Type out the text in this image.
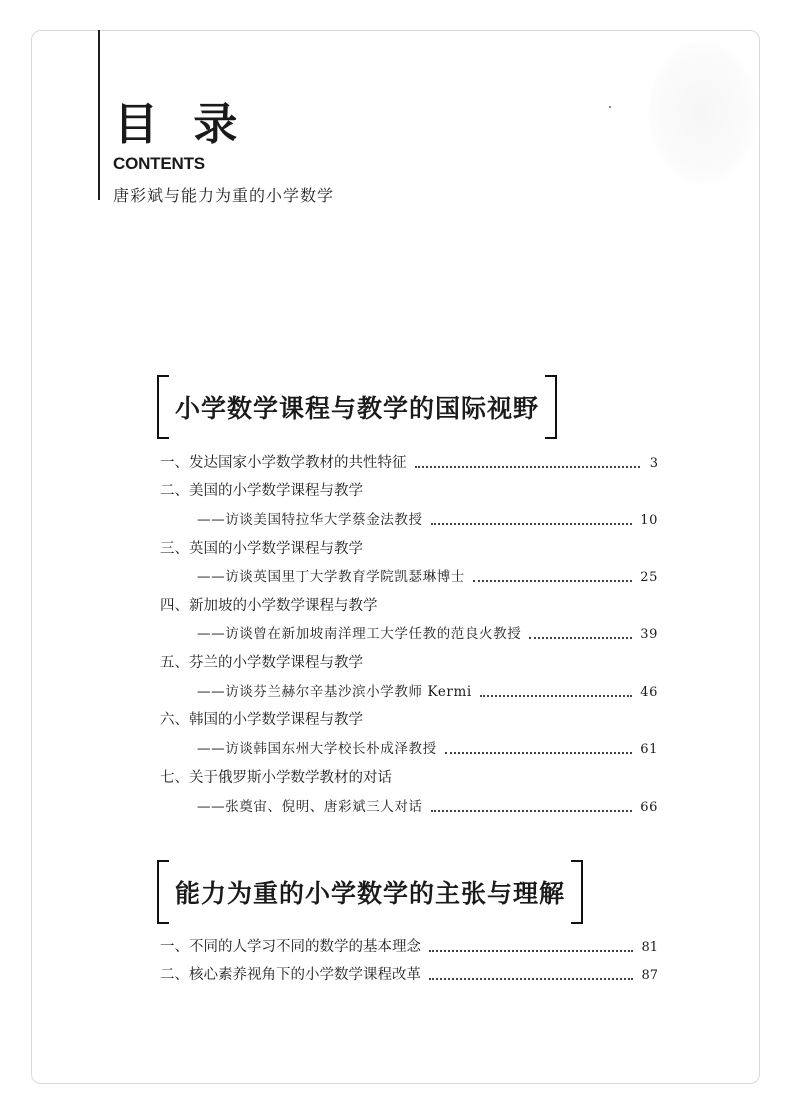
目 录
CONTENTS
唐彩斌与能力为重的小学数学
小学数学课程与教学的国际视野
一、发达国家小学数学教材的共性特征	3
二、美国的小学数学课程与教学
——访谈美国特拉华大学蔡金法教授	10
三、英国的小学数学课程与教学
——访谈英国里丁大学教育学院凯瑟琳博士	25
四、新加坡的小学数学课程与教学
——访谈曾在新加坡南洋理工大学任教的范良火教授	39
五、芬兰的小学数学课程与教学
——访谈芬兰赫尔辛基沙滨小学教师 Kermi	46
六、韩国的小学数学课程与教学
——访谈韩国东州大学校长朴成泽教授	61
七、关于俄罗斯小学数学教材的对话
——张奠宙、倪明、唐彩斌三人对话	66
能力为重的小学数学的主张与理解
一、不同的人学习不同的数学的基本理念	81
二、核心素养视角下的小学数学课程改革	87
